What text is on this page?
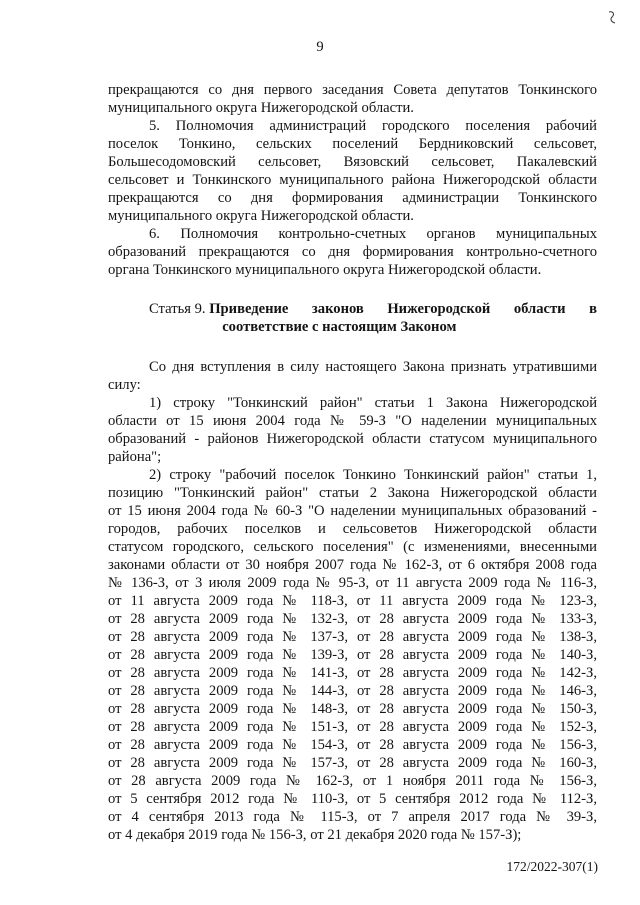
9

прекращаются со дня первого заседания Совета депутатов Тонкинского
муниципального округа Нижегородской области.

5. Полномочия администраций городского поселения рабочий
поселок Тонкино, сельских поселений Бердниковский сельсовет,
Большесодомовский сельсовет, Вязовский сельсовет, Пакалевский
сельсовет и Тонкинского муниципального района Нижегородской области
прекращаются со дня формирования администрации Тонкинского
муниципального округа Нижегородской области.

6. Полномочия контрольно-счетных органов муниципальных
образований прекращаются со дня формирования контрольно-счетного
органа Тонкинского муниципального округа Нижегородской области.

Статья 9. Приведение законов Нижегородской области в
соответствие с настоящим Законом

Со дня вступления в силу настоящего Закона признать утратившими
силу:

1) строку "Тонкинский район" статьи 1 Закона Нижегородской
области от 15 июня 2004 года № 59-З "О наделении муниципальных
образований - районов Нижегородской области статусом муниципального
района";

2) строку "рабочий поселок Тонкино Тонкинский район" статьи 1,
позицию "Тонкинский район" статьи 2 Закона Нижегородской области
от 15 июня 2004 года № 60-З "О наделении муниципальных образований -
городов, рабочих поселков и сельсоветов Нижегородской области
статусом городского, сельского поселения" (с изменениями, внесенными
законами области от 30 ноября 2007 года № 162-З, от 6 октября 2008 года
№ 136-З, от 3 июля 2009 года № 95-З, от 11 августа 2009 года № 116-З,
от 11 августа 2009 года № 118-З, от 11 августа 2009 года № 123-З,
от 28 августа 2009 года № 132-З, от 28 августа 2009 года № 133-З,
от 28 августа 2009 года № 137-З, от 28 августа 2009 года № 138-З,
от 28 августа 2009 года № 139-З, от 28 августа 2009 года № 140-З,
от 28 августа 2009 года № 141-З, от 28 августа 2009 года № 142-З,
от 28 августа 2009 года № 144-З, от 28 августа 2009 года № 146-З,
от 28 августа 2009 года № 148-З, от 28 августа 2009 года № 150-З,
от 28 августа 2009 года № 151-З, от 28 августа 2009 года № 152-З,
от 28 августа 2009 года № 154-З, от 28 августа 2009 года № 156-З,
от 28 августа 2009 года № 157-З, от 28 августа 2009 года № 160-З,
от 28 августа 2009 года № 162-З, от 1 ноября 2011 года № 156-З,
от 5 сентября 2012 года № 110-З, от 5 сентября 2012 года № 112-З,
от 4 сентября 2013 года № 115-З, от 7 апреля 2017 года № 39-З,
от 4 декабря 2019 года № 156-З, от 21 декабря 2020 года № 157-З);

172/2022-307(1)
